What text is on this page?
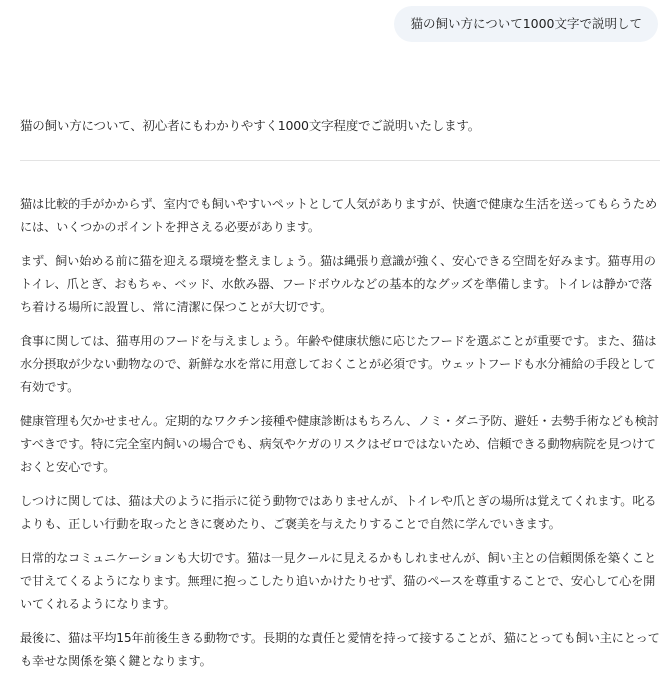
猫の飼い方について1000文字で説明して

猫の飼い方について、初心者にもわかりやすく1000文字程度でご説明いたします。

猫は比較的手がかからず、室内でも飼いやすいペットとして人気がありますが、快適で健康な生活を送ってもらうためには、いくつかのポイントを押さえる必要があります。

まず、飼い始める前に猫を迎える環境を整えましょう。猫は縄張り意識が強く、安心できる空間を好みます。猫専用のトイレ、爪とぎ、おもちゃ、ベッド、水飲み器、フードボウルなどの基本的なグッズを準備します。トイレは静かで落ち着ける場所に設置し、常に清潔に保つことが大切です。

食事に関しては、猫専用のフードを与えましょう。年齢や健康状態に応じたフードを選ぶことが重要です。また、猫は水分摂取が少ない動物なので、新鮮な水を常に用意しておくことが必須です。ウェットフードも水分補給の手段として有効です。

健康管理も欠かせません。定期的なワクチン接種や健康診断はもちろん、ノミ・ダニ予防、避妊・去勢手術なども検討すべきです。特に完全室内飼いの場合でも、病気やケガのリスクはゼロではないため、信頼できる動物病院を見つけておくと安心です。

しつけに関しては、猫は犬のように指示に従う動物ではありませんが、トイレや爪とぎの場所は覚えてくれます。叱るよりも、正しい行動を取ったときに褒めたり、ご褒美を与えたりすることで自然に学んでいきます。

日常的なコミュニケーションも大切です。猫は一見クールに見えるかもしれませんが、飼い主との信頼関係を築くことで甘えてくるようになります。無理に抱っこしたり追いかけたりせず、猫のペースを尊重することで、安心して心を開いてくれるようになります。

最後に、猫は平均15年前後生きる動物です。長期的な責任と愛情を持って接することが、猫にとっても飼い主にとっても幸せな関係を築く鍵となります。
